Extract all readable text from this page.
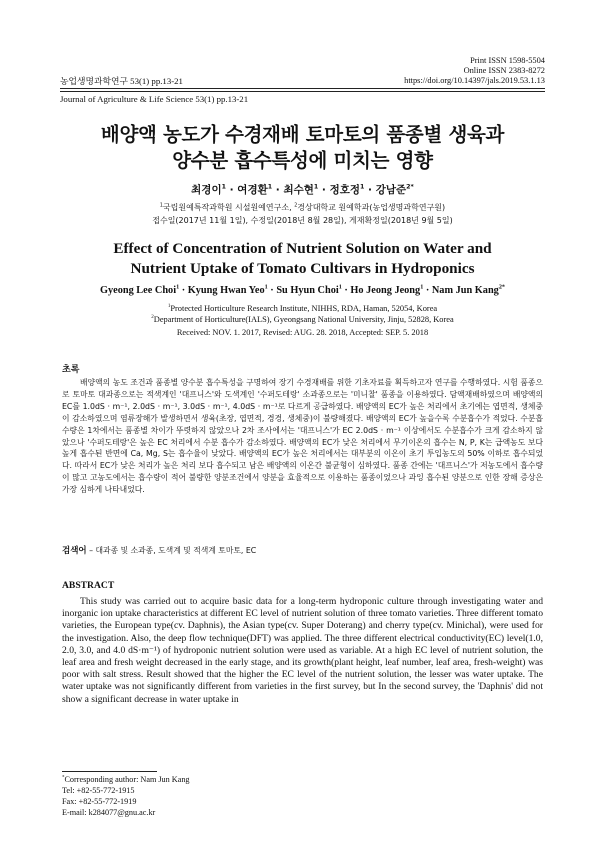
Print ISSN 1598-5504
Online ISSN 2383-8272
농업생명과학연구 53(1) pp.13-21	https://doi.org/10.14397/jals.2019.53.1.13
Journal of Agriculture & Life Science 53(1) pp.13-21
배양액 농도가 수경재배 토마토의 품종별 생육과
양수분 흡수특성에 미치는 영향
최경이$^1$ · 여경환$^1$ · 최수현$^1$ · 정호정$^1$ · 강남준$^{2*}$
$^1$국립원예특작과학원 시설원예연구소, $^2$경상대학교 원예학과(농업생명과학연구원)
접수일(2017년 11월 1일), 수정일(2018년 8월 28일), 게재확정일(2018년 9월 5일)
Effect of Concentration of Nutrient Solution on Water and
Nutrient Uptake of Tomato Cultivars in Hydroponics
Gyeong Lee Choi$^1$ · Kyung Hwan Yeo$^1$ · Su Hyun Choi$^1$ · Ho Jeong Jeong$^1$ · Nam Jun Kang$^{2*}$
$^1$Protected Horticulture Research Institute, NIHHS, RDA, Haman, 52054, Korea
$^2$Department of Horticulture(IALS), Gyeongsang National University, Jinju, 52828, Korea
Received: NOV. 1. 2017, Revised: AUG. 28. 2018, Accepted: SEP. 5. 2018
초록
배양액의 농도 조건과 품종별 양수분 흡수특성을 구명하여 장기 수경재배를 위한 기초자료를 획득하고자 연구를 수행하였다. 시험 품종으로 토마토 대과종으로는 적색계인 '대프니스'와 도색계인 '수퍼도테랑' 소과종으로는 '미니찰' 품종을 이용하였다. 담액재배하였으며 배양액의 EC를 1.0dS · m⁻¹, 2.0dS · m⁻¹, 3.0dS · m⁻¹, 4.0dS · m⁻¹로 다르게 공급하였다. 배양액의 EC가 높은 처리에서 초기에는 엽면적, 생체중이 감소하였으며 염류장해가 발생하면서 생육(초장, 엽면적, 경경, 생체중)이 불량해졌다. 배양액의 EC가 높을수록 수분흡수가 적었다. 수분흡수량은 1차에서는 품종별 차이가 뚜렷하지 않았으나 2차 조사에서는 '대프니스'가 EC 2.0dS · m⁻¹ 이상에서도 수분흡수가 크게 감소하지 않았으나 '수퍼도테랑'은 높은 EC 처리에서 수분 흡수가 감소하였다. 배양액의 EC가 낮은 처리에서 무기이온의 흡수는 N, P, K는 급액농도 보다 높게 흡수된 반면에 Ca, Mg, S는 흡수율이 낮았다. 배양액의 EC가 높은 처리에서는 대부분의 이온이 초기 투입농도의 50% 이하로 흡수되었다. 따라서 EC가 낮은 처리가 높은 처리 보다 흡수되고 남은 배양액의 이온간 불균형이 심하였다. 품종 간에는 '대프니스'가 저농도에서 흡수량이 많고 고농도에서는 흡수량이 적어 불량한 양분조건에서 양분을 효율적으로 이용하는 품종이었으나 과잉 흡수된 양분으로 인한 장해 증상은 가장 심하게 나타내었다.
검색어 – 대과종 및 소과종, 도색계 및 적색계 토마토, EC
ABSTRACT
This study was carried out to acquire basic data for a long-term hydroponic culture through investigating water and inorganic ion uptake characteristics at different EC level of nutrient solution of three tomato varieties. Three different tomato varieties, the European type(cv. Daphnis), the Asian type(cv. Super Doterang) and cherry type(cv. Minichal), were used for the investigation. Also, the deep flow technique(DFT) was applied. The three different electrical conductivity(EC) level(1.0, 2.0, 3.0, and 4.0 dS·m⁻¹) of hydroponic nutrient solution were used as variable. At a high EC level of nutrient solution, the leaf area and fresh weight decreased in the early stage, and its growth(plant height, leaf number, leaf area, fresh-weight) was poor with salt stress. Result showed that the higher the EC level of the nutrient solution, the lesser was water uptake. The water uptake was not significantly different from varieties in the first survey, but In the second survey, the 'Daphnis' did not show a significant decrease in water uptake in
*Corresponding author: Nam Jun Kang
Tel: +82-55-772-1915
Fax: +82-55-772-1919
E-mail: k284077@gnu.ac.kr
